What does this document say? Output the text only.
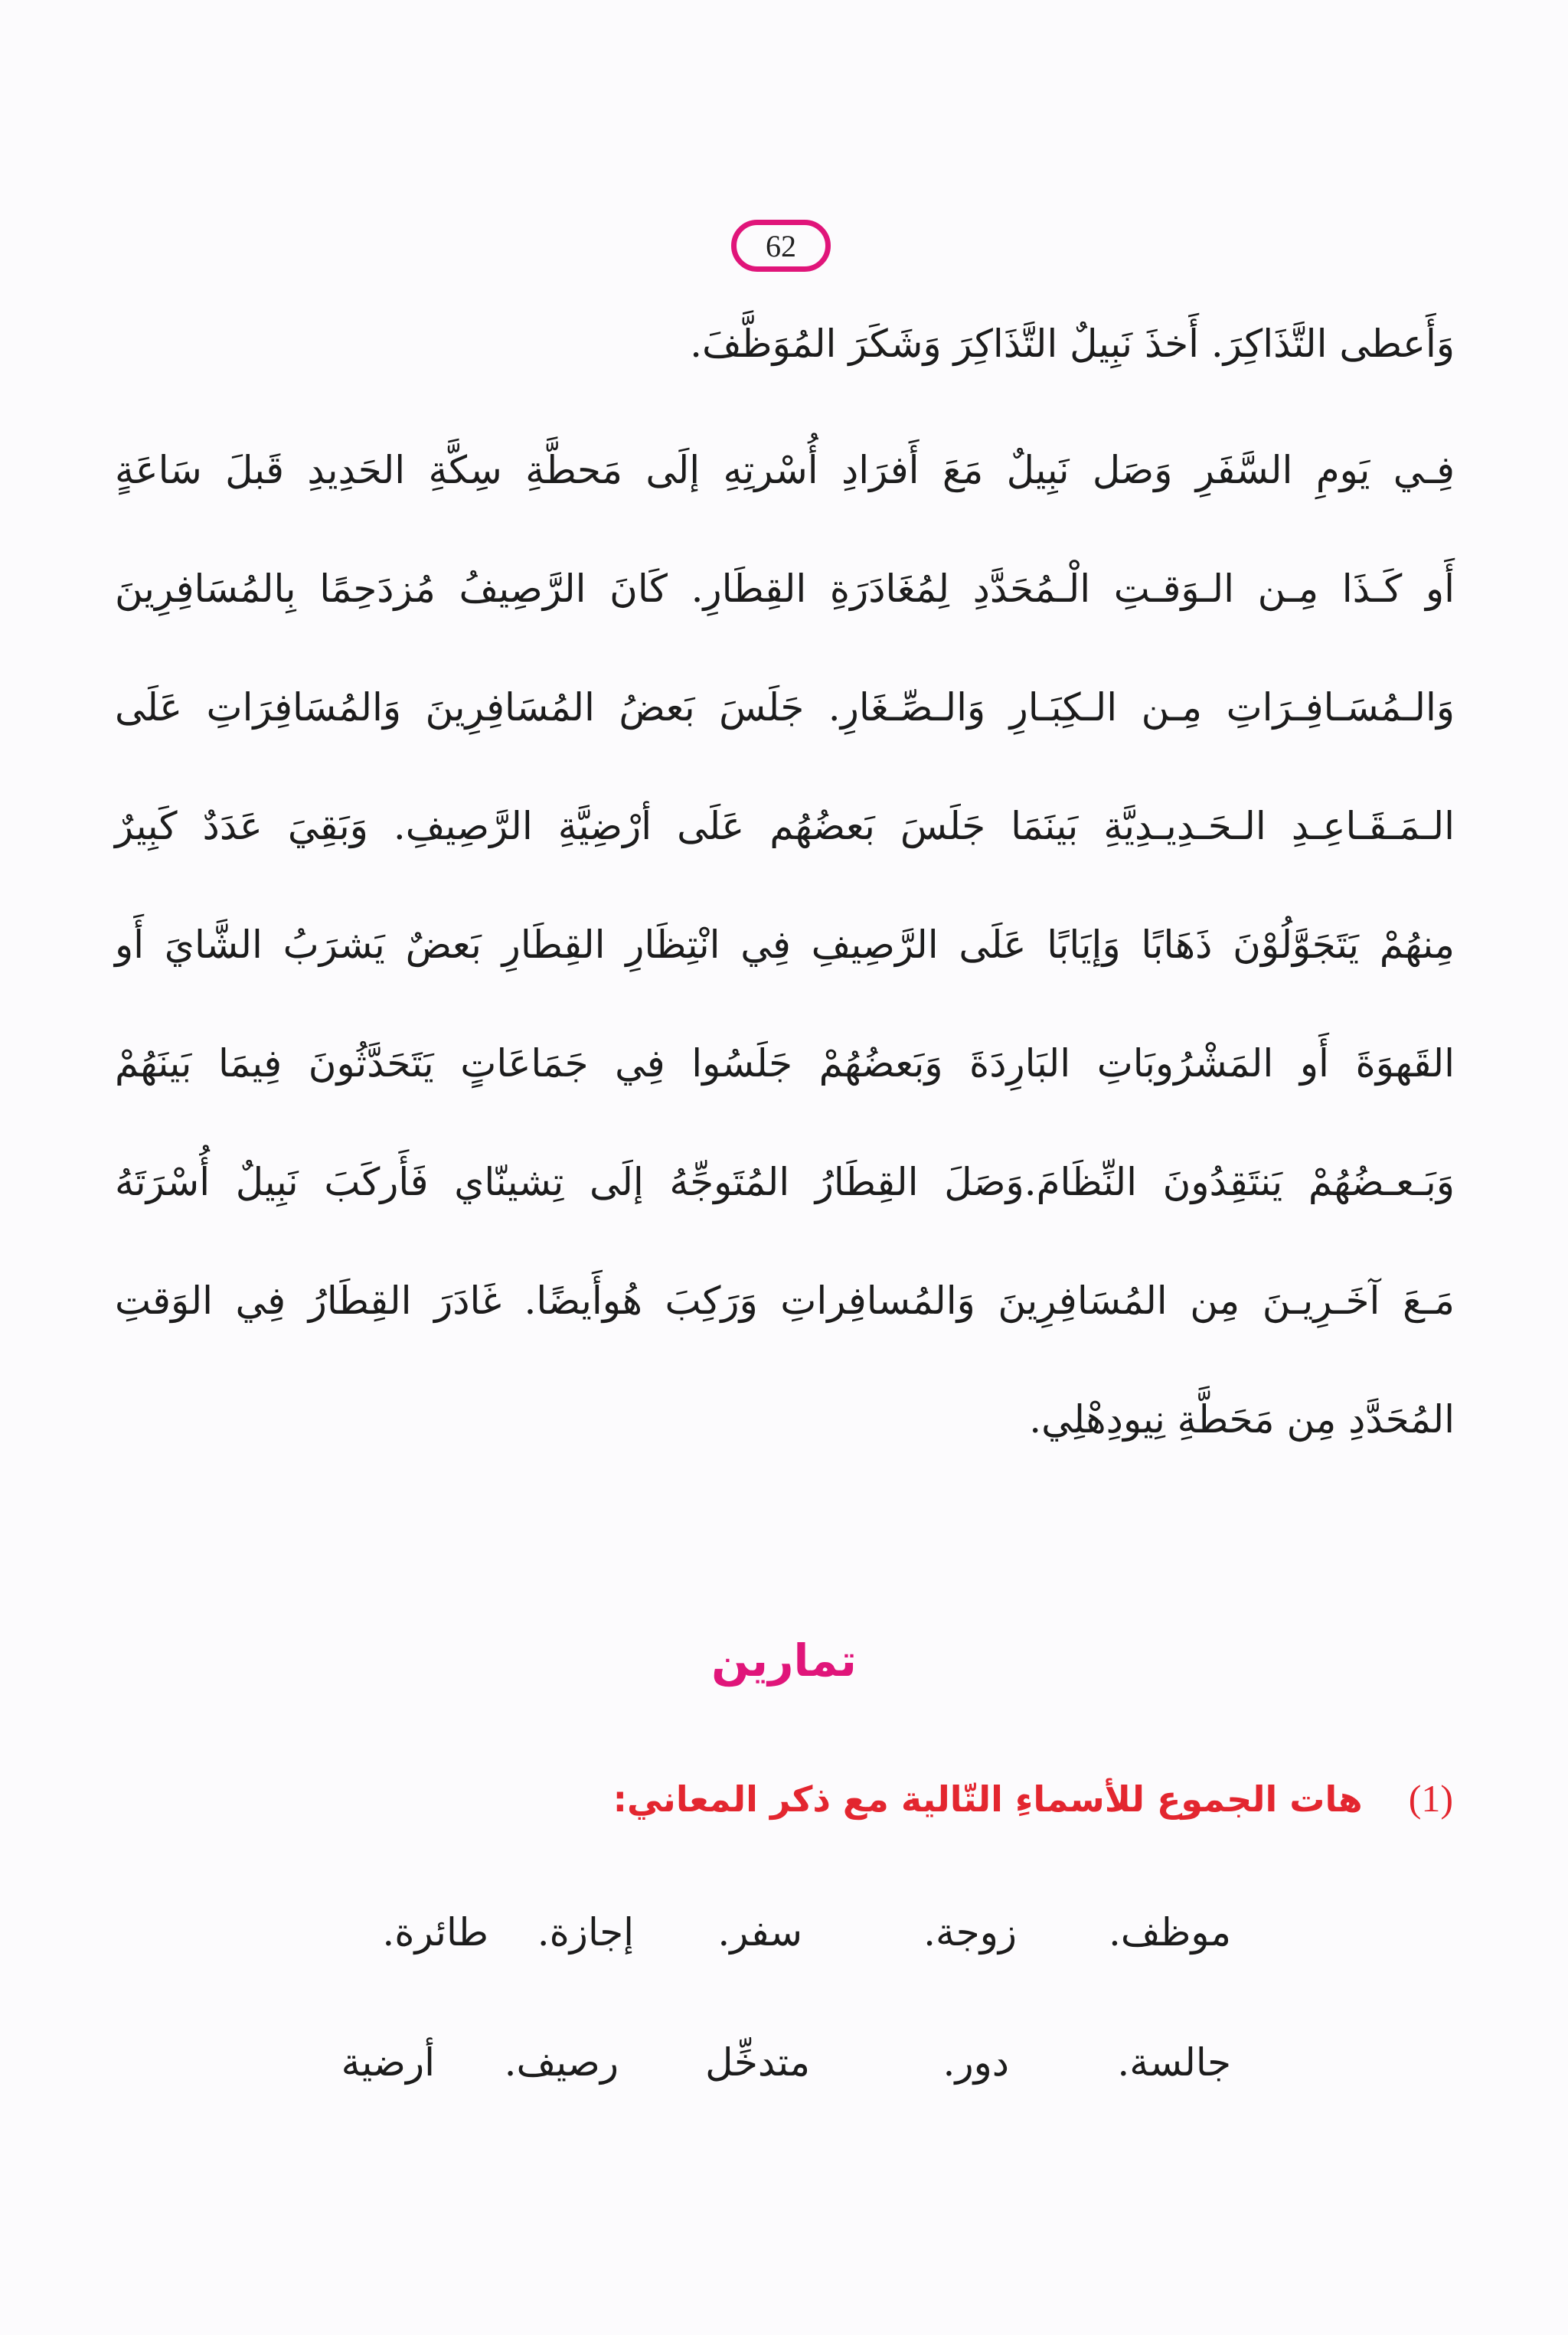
62
وَأَعطى التَّذَاكِرَ. أَخذَ نَبِيلٌ التَّذَاكِرَ وَشَكَرَ المُوَظَّفَ.
فِـي يَومِ السَّفَرِ وَصَل نَبِيلٌ مَعَ أَفرَادِ أُسْرتِهِ إلَى مَحطَّةِ سِكَّةِ الحَدِيدِ قَبلَ سَاعَةٍ
أَو كَـذَا مِـن الـوَقـتِ الْـمُحَدَّدِ لِمُغَادَرَةِ القِطَارِ. كَانَ الرَّصِيفُ مُزدَحِمًا بِالمُسَافِرِينَ
وَالـمُسَـافِـرَاتِ مِـن الـكِبَـارِ وَالـصِّـغَارِ. جَلَسَ بَعضُ المُسَافِرِينَ وَالمُسَافِرَاتِ عَلَى
الـمَـقَـاعِـدِ الـحَـدِيـدِيَّةِ بَينَمَا جَلَسَ بَعضُهُم عَلَى أرْضِيَّةِ الرَّصِيفِ. وَبَقِيَ عَدَدٌ كَبِيرٌ
مِنهُمْ يَتَجَوَّلُوْنَ ذَهَابًا وَإيَابًا عَلَى الرَّصِيفِ فِي انْتِظَارِ القِطَارِ بَعضٌ يَشرَبُ الشَّايَ أَو
القَهوَةَ أَو المَشْرُوبَاتِ البَارِدَةَ وَبَعضُهُمْ جَلَسُوا فِي جَمَاعَاتٍ يَتَحَدَّثُونَ فِيمَا بَينَهُمْ
وَبَـعـضُهُمْ يَنتَقِدُونَ النِّظَامَ.وَصَلَ القِطَارُ المُتَوجِّهُ إلَى تِشينّاي فَأَركَبَ نَبِيلٌ أُسْرَتَهُ
مَـعَ آخَـرِيـنَ مِن المُسَافِرِينَ وَالمُسافِراتِ وَرَكِبَ هُوأَيضًا. غَادَرَ القِطَارُ فِي الوَقتِ
المُحَدَّدِ مِن مَحَطَّةِ نِيودِهْلِي.
تمارين
(1)
هات الجموع للأسماءِ التّالية مع ذكر المعاني:
موظف.
زوجة.
سفر.
إجازة.
طائرة.
جالسة.
دور.
متدخِّل
رصيف.
أرضية
